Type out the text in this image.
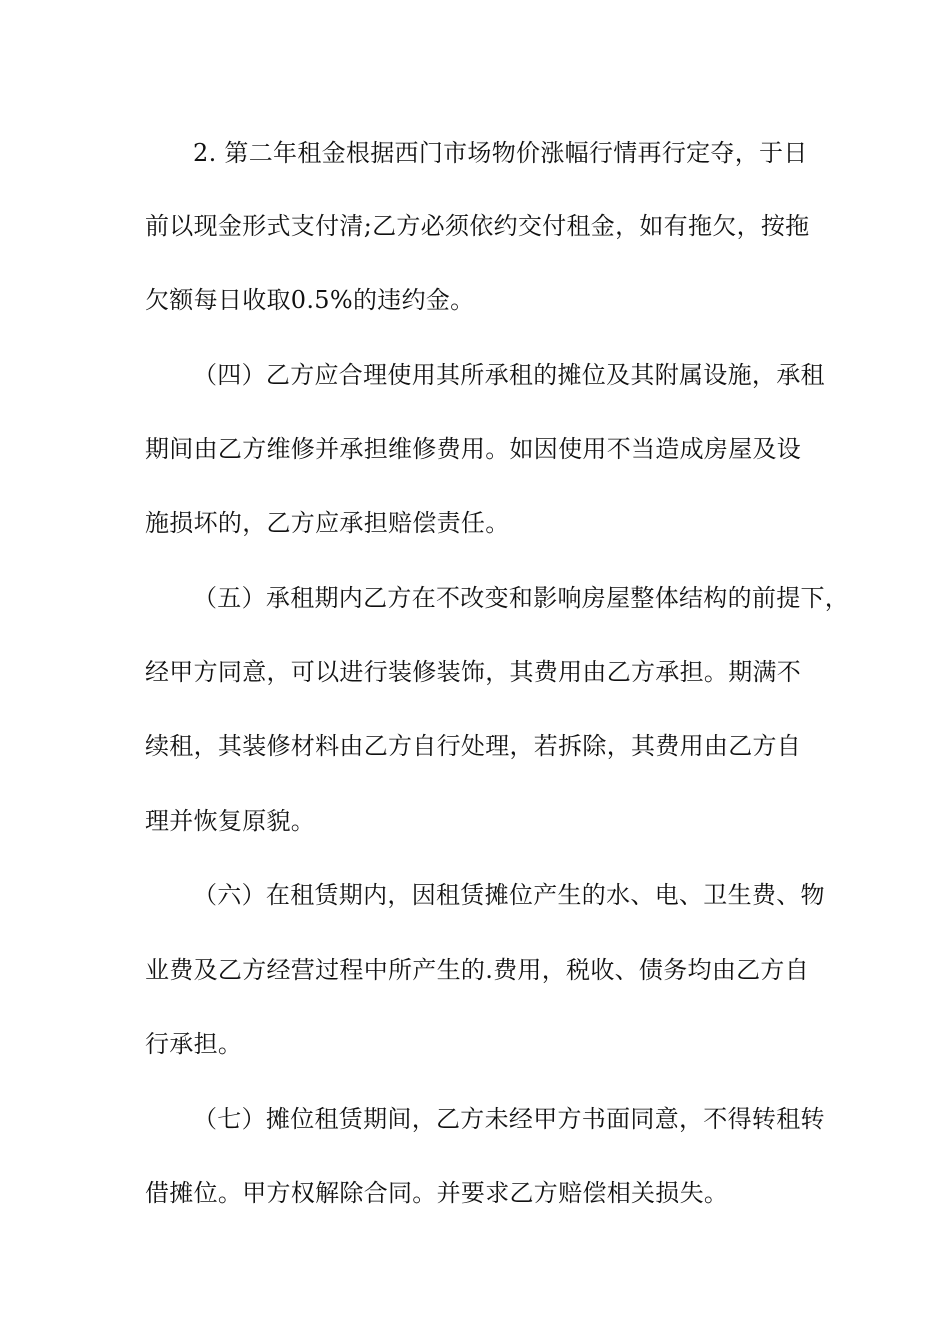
2. 第二年租金根据西门市场物价涨幅行情再行定夺，于日
前以现金形式支付清;乙方必须依约交付租金，如有拖欠，按拖
欠额每日收取0.5%的违约金。
（四）乙方应合理使用其所承租的摊位及其附属设施，承租
期间由乙方维修并承担维修费用。如因使用不当造成房屋及设
施损坏的，乙方应承担赔偿责任。
（五）承租期内乙方在不改变和影响房屋整体结构的前提下，
经甲方同意，可以进行装修装饰，其费用由乙方承担。期满不
续租，其装修材料由乙方自行处理，若拆除，其费用由乙方自
理并恢复原貌。
（六）在租赁期内，因租赁摊位产生的水、电、卫生费、物
业费及乙方经营过程中所产生的.费用，税收、债务均由乙方自
行承担。
（七）摊位租赁期间，乙方未经甲方书面同意，不得转租转
借摊位。甲方权解除合同。并要求乙方赔偿相关损失。
